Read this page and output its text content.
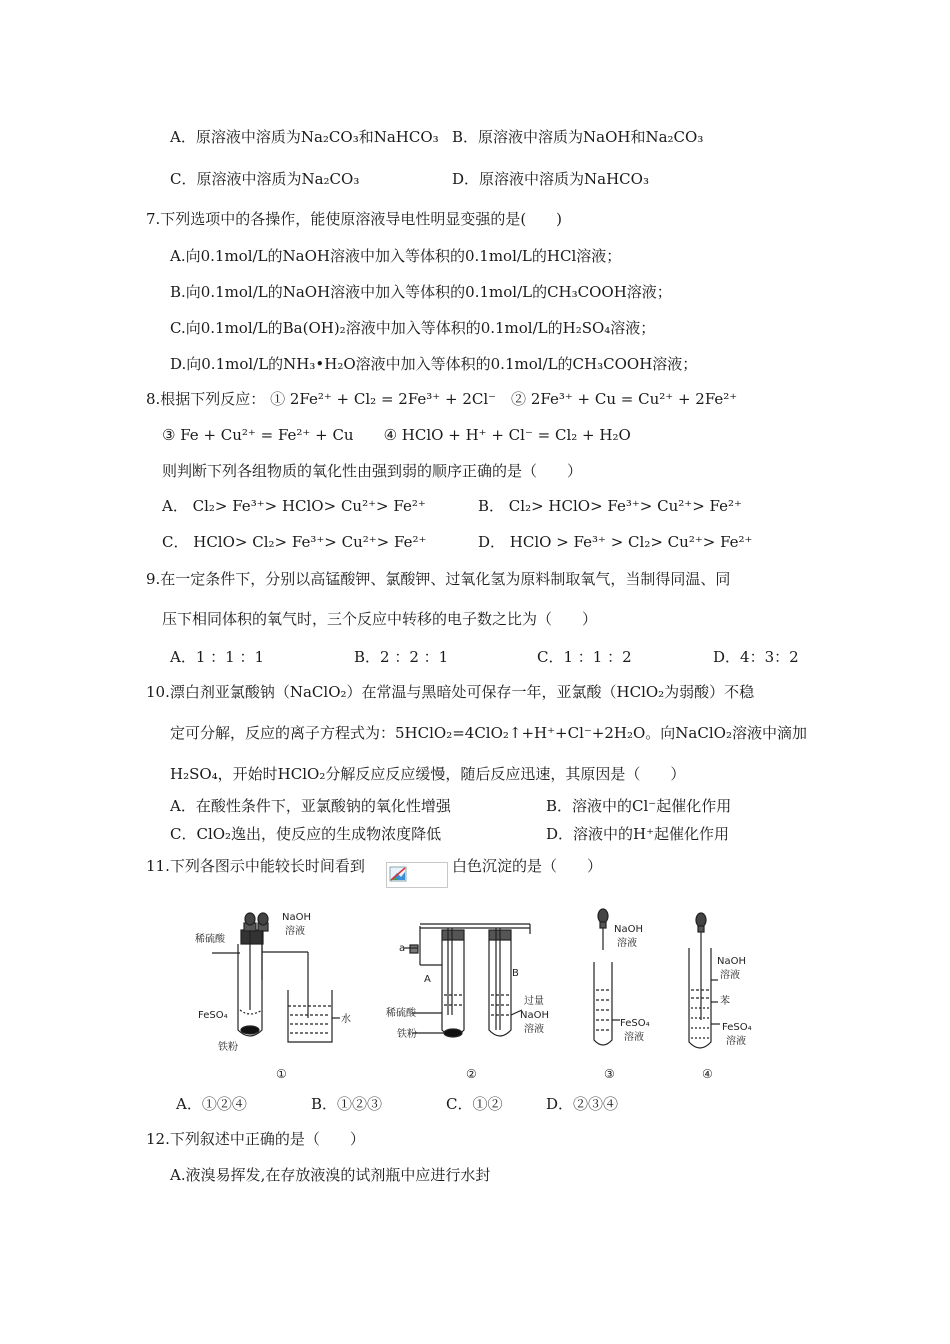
A．原溶液中溶质为Na₂CO₃和NaHCO₃ B．原溶液中溶质为NaOH和Na₂CO₃
C．原溶液中溶质为Na₂CO₃	D．原溶液中溶质为NaHCO₃
7.下列选项中的各操作，能使原溶液导电性明显变强的是(　　)
A.向0.1mol/L的NaOH溶液中加入等体积的0.1mol/L的HCl溶液；
B.向0.1mol/L的NaOH溶液中加入等体积的0.1mol/L的CH₃COOH溶液；
C.向0.1mol/L的Ba(OH)₂溶液中加入等体积的0.1mol/L的H₂SO₄溶液；
D.向0.1mol/L的NH₃•H₂O溶液中加入等体积的0.1mol/L的CH₃COOH溶液；
8.根据下列反应： ① 2Fe²⁺ + Cl₂ = 2Fe³⁺ + 2Cl⁻　② 2Fe³⁺ + Cu = Cu²⁺ + 2Fe²⁺
③ Fe + Cu²⁺ = Fe²⁺ + Cu　　④ HClO + H⁺ + Cl⁻ = Cl₂ + H₂O
则判断下列各组物质的氧化性由强到弱的顺序正确的是（　　）
A． Cl₂> Fe³⁺> HClO> Cu²⁺> Fe²⁺	B． Cl₂> HClO> Fe³⁺> Cu²⁺> Fe²⁺
C． HClO> Cl₂> Fe³⁺> Cu²⁺> Fe²⁺	D． HClO > Fe³⁺ > Cl₂> Cu²⁺> Fe²⁺
9.在一定条件下，分别以高锰酸钾、氯酸钾、过氧化氢为原料制取氧气，当制得同温、同
压下相同体积的氧气时，三个反应中转移的电子数之比为（　　）
A．1 ：1 ：1	B．2 ：2 ：1	C．1 ：1 ：2	D．4：3：2
10.漂白剂亚氯酸钠（NaClO₂）在常温与黑暗处可保存一年，亚氯酸（HClO₂为弱酸）不稳
定可分解，反应的离子方程式为：5HClO₂=4ClO₂↑+H⁺+Cl⁻+2H₂O。向NaClO₂溶液中滴加
H₂SO₄，开始时HClO₂分解反应反应缓慢，随后反应迅速，其原因是（　　）
A．在酸性条件下，亚氯酸钠的氧化性增强	B．溶液中的Cl⁻起催化作用
C．ClO₂逸出，使反应的生成物浓度降低	D．溶液中的H⁺起催化作用
11.下列各图示中能较长时间看到	白色沉淀的是（　　）
稀硫酸
NaOH
溶液
FeSO₄
铁粉
水
①
a
A
B
稀硫酸
铁粉
过量
NaOH
溶液
②
NaOH
溶液
FeSO₄
溶液
③
NaOH
溶液
苯
FeSO₄
溶液
④
A．①②④	B．①②③	C．①②	D．②③④
12.下列叙述中正确的是（　　）
A.液溴易挥发,在存放液溴的试剂瓶中应进行水封
